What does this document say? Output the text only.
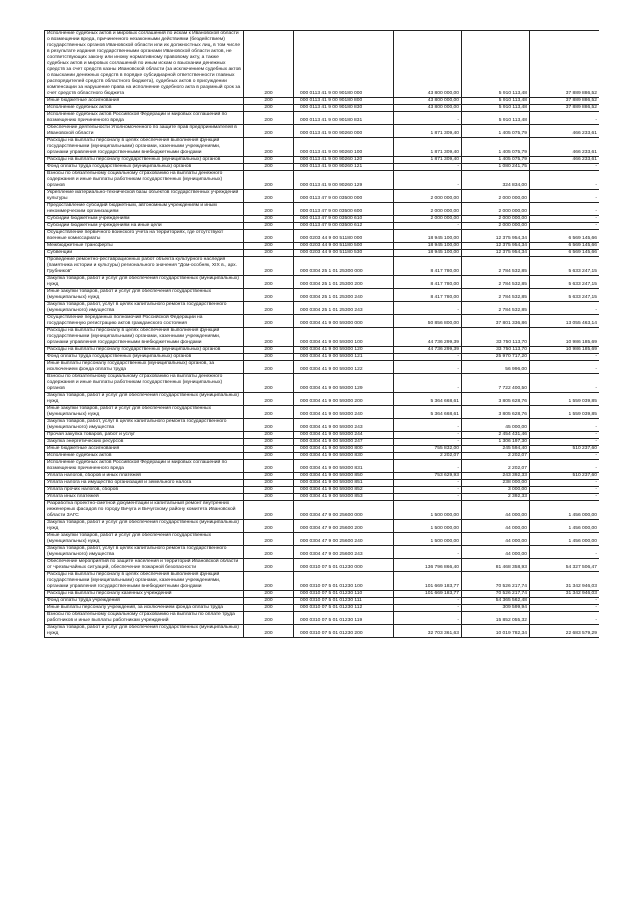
Исполнение судебных актов и мировых соглашений по искам к Ивановской области о возмещении вреда, причиненного незаконными действиями (бездействием) государственных органов Ивановской области или их должностных лиц, в том числе в результате издания государственными органами Ивановской области актов, не соответствующих закону или иному нормативному правовому акту, а также судебных актов и мировых соглашений по иным искам о взыскании денежных средств за счет средств казны Ивановской области (за исключением судебных актов о взыскании денежных средств в порядке субсидиарной ответственности главных распорядителей средств областного бюджета), судебных актов о присуждении компенсации за нарушение права на исполнение судебного акта в разумный срок за счет средств областного бюджета	200	000 0113 41 9 00 90180 000	43 800 000,00	5 910 113,48	37 889 886,52
Иные бюджетные ассигнования	200	000 0113 41 9 00 90180 800	43 800 000,00	5 910 113,48	37 889 886,52
Исполнение судебных актов	200	000 0113 41 9 00 90180 830	43 800 000,00	5 910 113,48	37 889 886,52
Исполнение судебных актов Российской Федерации и мировых соглашений по возмещению причиненного вреда	200	000 0113 41 9 00 90180 831	-	5 910 113,48	-
Обеспечение деятельности Уполномоченного по защите прав предпринимателей в Ивановской области	200	000 0113 41 9 00 90260 000	1 871 309,40	1 405 075,79	466 233,61
Расходы на выплаты персоналу в целях обеспечения выполнения функций государственными (муниципальными) органами, казенными учреждениями, органами управления государственными внебюджетными фондами	200	000 0113 41 9 00 90260 100	1 871 309,40	1 405 075,79	466 233,61
Расходы на выплаты персоналу государственных (муниципальных) органов	200	000 0113 41 9 00 90260 120	1 871 309,40	1 405 075,79	466 233,61
Фонд оплаты труда государственных (муниципальных) органов	200	000 0113 41 9 00 90260 121	-	1 080 241,75	-
Взносы по обязательному социальному страхованию на выплаты денежного содержания и иные выплаты работникам государственных (муниципальных) органов	200	000 0113 41 9 00 90260 129	-	324 834,00	-
Укрепление материально-технической базы объектов государственных учреждений культуры	200	000 0113 47 9 00 03500 000	2 000 000,00	2 000 000,00	-
Предоставление субсидий бюджетным, автономным учреждениям и иным некоммерческим организациям	200	000 0113 47 9 00 03500 600	2 000 000,00	2 000 000,00	-
Субсидии бюджетным учреждениям	200	000 0113 47 9 00 03500 610	2 000 000,00	2 000 000,00	-
Субсидии бюджетным учреждениям на иные цели	200	000 0113 47 9 00 03500 612	-	2 000 000,00	-
Осуществление первичного воинского учета на территориях, где отсутствуют военные комиссариаты	200	000 0203 44 9 00 51180 000	18 945 100,00	12 375 954,34	6 569 145,66
Межбюджетные трансферты	200	000 0203 44 9 00 51180 500	18 945 100,00	12 375 954,34	6 569 145,66
Субвенции	200	000 0203 44 9 00 51180 530	18 945 100,00	12 375 954,34	6 569 145,66
Проведение ремонтно-реставрационных работ объекта культурного наследия (памятника истории и культуры) регионального значения "Дом-особняк, XIX в., арх. Грубников"	200	000 0304 25 1 01 25300 000	8 417 780,00	2 784 532,85	5 633 247,15
Закупка товаров, работ и услуг для обеспечения государственных (муниципальных) нужд	200	000 0304 25 1 01 25300 200	8 417 780,00	2 784 532,85	5 633 247,15
Иные закупки товаров, работ и услуг для обеспечения государственных (муниципальных) нужд	200	000 0304 25 1 01 25300 240	8 417 780,00	2 784 532,85	5 633 247,15
Закупка товаров, работ, услуг в целях капитального ремонта государственного (муниципального) имущества	200	000 0304 25 1 01 25300 243	-	2 784 532,85	-
Осуществление переданных полномочий Российской Федерации на государственную регистрацию актов гражданского состояния	200	000 0304 41 9 00 59300 000	50 856 800,00	37 801 336,86	13 055 463,14
Расходы на выплаты персоналу в целях обеспечения выполнения функций государственными (муниципальными) органами, казенными учреждениями, органами управления государственными внебюджетными фондами	200	000 0304 41 9 00 59300 100	44 736 299,39	33 750 113,70	10 986 185,69
Расходы на выплаты персоналу государственных (муниципальных) органов	200	000 0304 41 9 00 59300 120	44 736 299,39	33 750 113,70	10 986 185,69
Фонд оплаты труда государственных (муниципальных) органов	200	000 0304 41 9 00 59300 121	-	25 970 717,20	-
Иные выплаты персоналу государственных (муниципальных) органов, за исключением фонда оплаты труда	200	000 0304 41 9 00 59300 122	-	56 996,00	-
Взносы по обязательному социальному страхованию на выплаты денежного содержания и иные выплаты работникам государственных (муниципальных) органов	200	000 0304 41 9 00 59300 129	-	7 722 400,50	-
Закупка товаров, работ и услуг для обеспечения государственных (муниципальных) нужд	200	000 0304 41 9 00 59300 200	5 364 668,61	3 805 628,76	1 559 039,85
Иные закупки товаров, работ и услуг для обеспечения государственных (муниципальных) нужд	200	000 0304 41 9 00 59300 240	5 364 668,61	3 805 628,76	1 559 039,85
Закупка товаров, работ, услуг в целях капитального ремонта государственного (муниципального) имущества	200	000 0304 41 9 00 59300 243	-	45 000,00	-
Прочая закупка товаров, работ и услуг	200	000 0304 41 9 00 59300 244	-	2 454 431,46	-
Закупка энергетических ресурсов	200	000 0304 41 9 00 59300 247	-	1 306 197,30	-
Иные бюджетные ассигнования	200	000 0304 41 9 00 59300 800	755 832,00	245 594,40	510 237,60
Исполнение судебных актов	200	000 0304 41 9 00 59300 830	2 202,07	2 202,07	-
Исполнение судебных актов Российской Федерации и мировых соглашений по возмещению причиненного вреда	200	000 0304 41 9 00 59300 831	-	2 202,07	-
Уплата налогов, сборов и иных платежей	200	000 0304 41 9 00 59300 850	753 629,93	243 392,33	510 237,60
Уплата налога на имущество организаций и земельного налога	200	000 0304 41 9 00 59300 851	-	238 000,00	-
Уплата прочих налогов, сборов	200	000 0304 41 9 00 59300 852	-	3 000,00	-
Уплата иных платежей	200	000 0304 41 9 00 59300 853	-	2 392,33	-
Разработка проектно-сметной документации и капитальный ремонт внутренних инженерных фасадов по городу Вичуга и Вичугскому району комитета Ивановской области ЗАГС	200	000 0304 47 9 00 25600 000	1 500 000,00	44 000,00	1 456 000,00
Закупка товаров, работ и услуг для обеспечения государственных (муниципальных) нужд	200	000 0304 47 9 00 25600 200	1 500 000,00	44 000,00	1 456 000,00
Иные закупки товаров, работ и услуг для обеспечения государственных (муниципальных) нужд	200	000 0304 47 9 00 25600 240	1 500 000,00	44 000,00	1 456 000,00
Закупка товаров, работ, услуг в целях капитального ремонта государственного (муниципального) имущества	200	000 0304 47 9 00 25600 243	-	44 000,00	-
Обеспечение мероприятий по защите населения и территорий Ивановской области от чрезвычайных ситуаций, обеспечение пожарной безопасности	200	000 0310 07 5 01 01230 000	136 796 866,40	81 468 358,93	54 327 506,47
Расходы на выплаты персоналу в целях обеспечения выполнения функций государственными (муниципальными) органами, казенными учреждениями, органами управления государственными внебюджетными фондами	200	000 0310 07 5 01 01230 100	101 669 183,77	70 526 217,74	31 342 946,03
Расходы на выплаты персоналу казенных учреждений	200	000 0310 07 5 01 01230 110	101 669 183,77	70 526 217,74	31 342 946,03
Фонд оплаты труда учреждений	200	000 0310 07 5 01 01230 111	-	54 365 562,48	-
Иные выплаты персоналу учреждений, за исключением фонда оплаты труда	200	000 0310 07 5 01 01230 112	-	309 599,94	-
Взносы по обязательному социальному страхованию на выплаты по оплате труда работников и иные выплаты работникам учреждений	200	000 0310 07 5 01 01230 119	-	15 852 055,32	-
Закупка товаров, работ и услуг для обеспечения государственных (муниципальных) нужд	200	000 0310 07 5 01 01230 200	32 703 361,63	10 019 782,34	22 683 579,29
